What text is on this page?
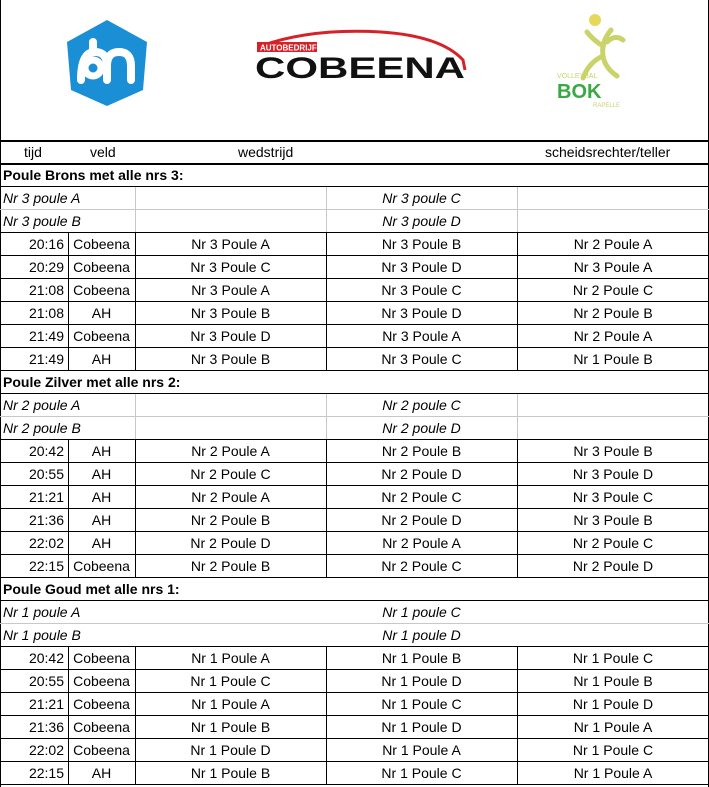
AUTOBEDRIJF
COBEENA	VOLLEYBAL
BOK
RAPELLE
tijd	veld	wedstrijd	scheidsrechter/teller
Poule Brons met alle nrs 3:
Nr 3 poule A	Nr 3 poule C
Nr 3 poule B	Nr 3 poule D
20:16 Cobeena	Nr 3 Poule A	Nr 3 Poule B	Nr 2 Poule A
20:29 Cobeena	Nr 3 Poule C	Nr 3 Poule D	Nr 3 Poule A
21:08 Cobeena	Nr 3 Poule A	Nr 3 Poule C	Nr 2 Poule C
21:08	AH	Nr 3 Poule B	Nr 3 Poule D	Nr 2 Poule B
21:49 Cobeena	Nr 3 Poule D	Nr 3 Poule A	Nr 2 Poule A
21:49	AH	Nr 3 Poule B	Nr 3 Poule C	Nr 1 Poule B
Poule Zilver met alle nrs 2:
Nr 2 poule A	Nr 2 poule C
Nr 2 poule B	Nr 2 poule D
20:42	AH	Nr 2 Poule A	Nr 2 Poule B	Nr 3 Poule B
20:55	AH	Nr 2 Poule C	Nr 2 Poule D	Nr 3 Poule D
21:21	AH	Nr 2 Poule A	Nr 2 Poule C	Nr 3 Poule C
21:36	AH	Nr 2 Poule B	Nr 2 Poule D	Nr 3 Poule B
22:02	AH	Nr 2 Poule D	Nr 2 Poule A	Nr 2 Poule C
22:15 Cobeena	Nr 2 Poule B	Nr 2 Poule C	Nr 2 Poule D
Poule Goud met alle nrs 1:
Nr 1 poule A	Nr 1 poule C
Nr 1 poule B	Nr 1 poule D
20:42 Cobeena	Nr 1 Poule A	Nr 1 Poule B	Nr 1 Poule C
20:55 Cobeena	Nr 1 Poule C	Nr 1 Poule D	Nr 1 Poule B
21:21 Cobeena	Nr 1 Poule A	Nr 1 Poule C	Nr 1 Poule D
21:36 Cobeena	Nr 1 Poule B	Nr 1 Poule D	Nr 1 Poule A
22:02 Cobeena	Nr 1 Poule D	Nr 1 Poule A	Nr 1 Poule C
22:15	AH	Nr 1 Poule B	Nr 1 Poule C	Nr 1 Poule A
